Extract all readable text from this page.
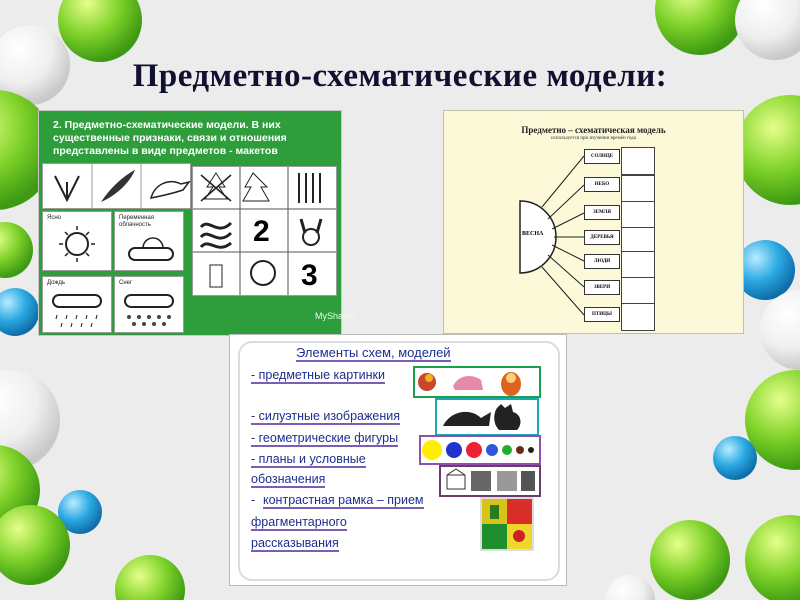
Предметно-схематические модели:
2. Предметно-схематические модели. В них существенные признаки, связи и отношения представлены в виде предметов - макетов
2
3
Ясно	Переменная облачность
Дождь	Снег
MyShared
Предметно – схематическая модель
используется при изучении времён года
ВЕСНА
СОЛНЦЕ
НЕБО
ЗЕМЛЯ
ДЕРЕВЬЯ
ЛЮДИ
ЗВЕРИ
ПТИЦЫ
Элементы схем, моделей
- предметные картинки
- силуэтные изображения
- геометрические фигуры
- планы и условные
обозначения
- контрастная рамка – прием
фрагментарного
рассказывания
